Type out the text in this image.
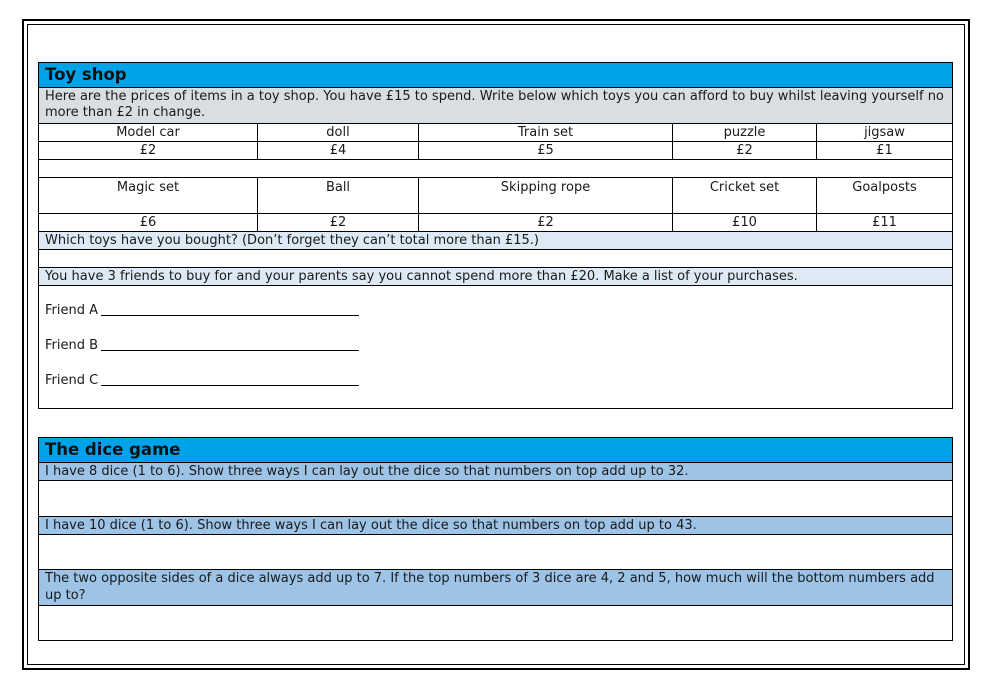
Toy shop
Here are the prices of items in a toy shop. You have £15 to spend. Write below which toys you can afford to buy whilst leaving yourself no more than £2 in change.
Model car	doll	Train set	puzzle	jigsaw
£2	£4	£5	£2	£1
Magic set	Ball	Skipping rope	Cricket set	Goalposts
£6	£2	£2	£10	£11
Which toys have you bought? (Don’t forget they can’t total more than £15.)
You have 3 friends to buy for and your parents say you cannot spend more than £20. Make a list of your purchases.
Friend A
Friend B
Friend C
The dice game
I have 8 dice (1 to 6). Show three ways I can lay out the dice so that numbers on top add up to 32.
I have 10 dice (1 to 6). Show three ways I can lay out the dice so that numbers on top add up to 43.
The two opposite sides of a dice always add up to 7. If the top numbers of 3 dice are 4, 2 and 5, how much will the bottom numbers add up to?
